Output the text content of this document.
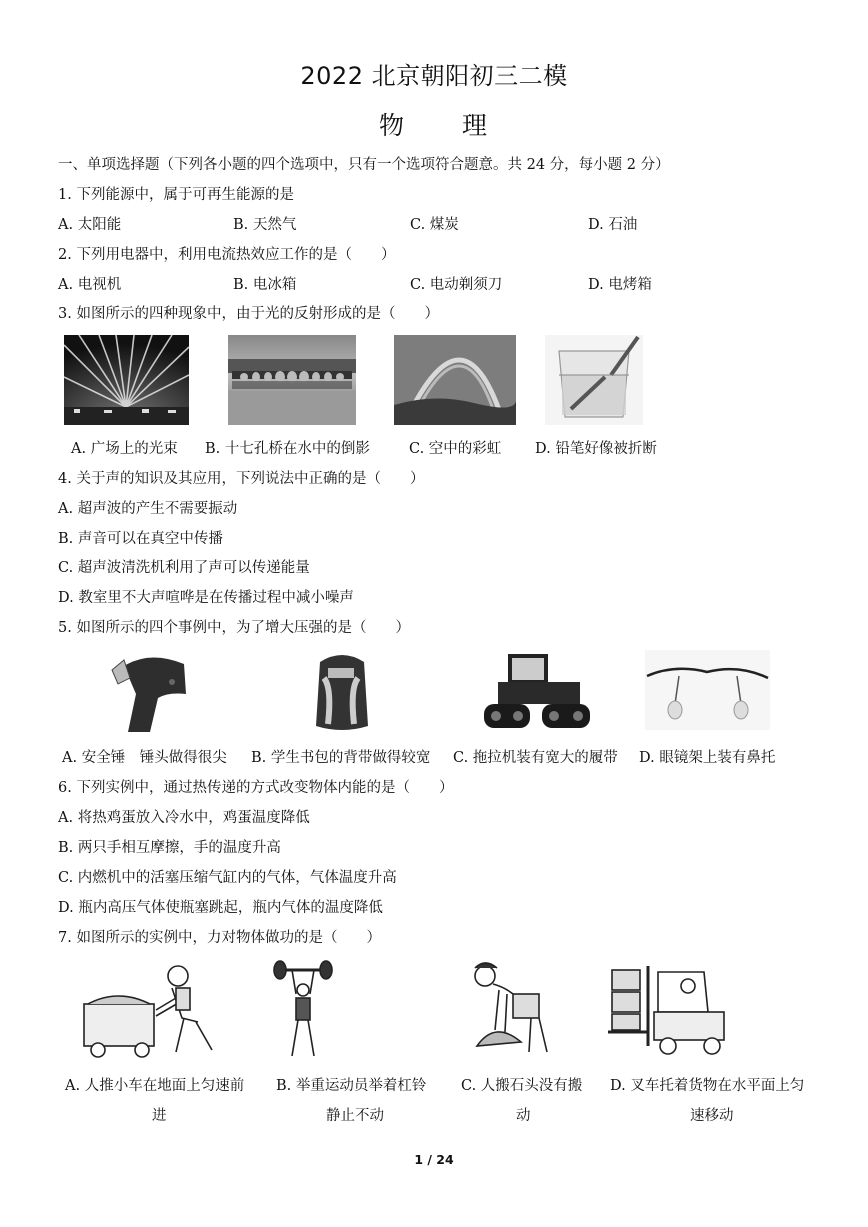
2022 北京朝阳初三二模
物 理
一、单项选择题（下列各小题的四个选项中，只有一个选项符合题意。共 24 分，每小题 2 分）
1. 下列能源中，属于可再生能源的是
A. 太阳能	B. 天然气	C. 煤炭	D. 石油
2. 下列用电器中，利用电流热效应工作的是（　　）
A. 电视机	B. 电冰箱	C. 电动剃须刀	D. 电烤箱
3. 如图所示的四种现象中，由于光的反射形成的是（　　）
A. 广场上的光束 B. 十七孔桥在水中的倒影	C. 空中的彩虹 D. 铅笔好像被折断
4. 关于声的知识及其应用，下列说法中正确的是（　　）
A. 超声波的产生不需要振动
B. 声音可以在真空中传播
C. 超声波清洗机利用了声可以传递能量
D. 教室里不大声喧哗是在传播过程中减小噪声
5. 如图所示的四个事例中，为了增大压强的是（　　）
A. 安全锤　锤头做得很尖 B. 学生书包的背带做得较宽 C. 拖拉机装有宽大的履带 D. 眼镜架上装有鼻托
6. 下列实例中，通过热传递的方式改变物体内能的是（　　）
A. 将热鸡蛋放入冷水中，鸡蛋温度降低
B. 两只手相互摩擦，手的温度升高
C. 内燃机中的活塞压缩气缸内的气体，气体温度升高
D. 瓶内高压气体使瓶塞跳起，瓶内气体的温度降低
7. 如图所示的实例中，力对物体做功的是（　　）
A. 人推小车在地面上匀速前
进
B. 举重运动员举着杠铃
静止不动
C. 人搬石头没有搬
动
D. 叉车托着货物在水平面上匀
速移动
1 / 24
